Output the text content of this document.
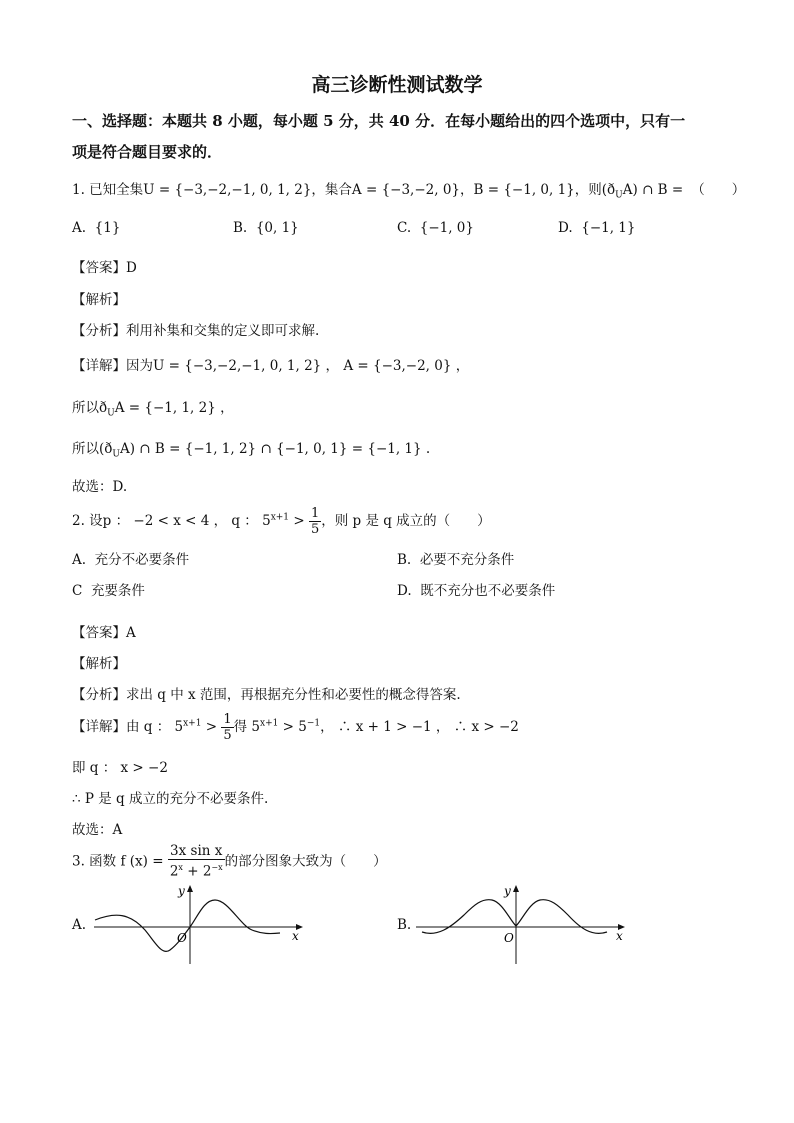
高三诊断性测试数学
一、选择题：本题共 8 小题，每小题 5 分，共 40 分．在每小题给出的四个选项中，只有一
项是符合题目要求的．
1. 已知全集U = {−3,−2,−1, 0, 1, 2}，集合A = {−3,−2, 0}，B = {−1, 0, 1}，则$(ð_UA)$ ∩ B = （　　）
A. {1}	B. {0, 1}	C. {−1, 0}	D. {−1, 1}
【答案】D
【解析】
【分析】利用补集和交集的定义即可求解.
【详解】因为U = {−3,−2,−1, 0, 1, 2} ， A = {−3,−2, 0} ，
所以$ð_UA = \{-1$, 1, 2} ，
所以$(ð_UA)$ ∩ B = {−1, 1, 2} ∩ {−1, 0, 1} = {−1, 1} .
故选：D.
2. 设p ： −2 < x < 4 ， q ： $5^{x+1} > \frac{1}{5}$ ，则 p 是 q 成立的（　　）
A. 充分不必要条件	B. 必要不充分条件
C 充要条件	D. 既不充分也不必要条件
【答案】A
【解析】
【分析】求出 q 中 x 范围，再根据充分性和必要性的概念得答案.
【详解】由 q ： $5^{x+1} > \frac{1}{5}$ 得 $5^{x+1} > 5^{-1}$， ∴ x + 1 > −1 ， ∴ x > −2
即 q ： x > −2
∴ P 是 q 成立的充分不必要条件.
故选：A
3. 函数 f $(x) = \frac{\text{3x sin x}}{2^x + 2^{-x}}$ 的部分图象大致为（　　）
A.
x
y
O
B.
x
y
O
